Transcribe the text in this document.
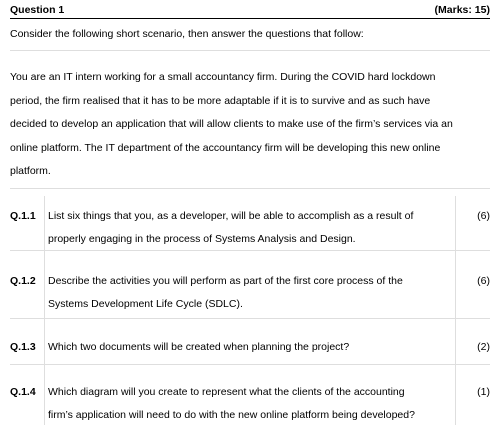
Question 1	(Marks: 15)
Consider the following short scenario, then answer the questions that follow:
You are an IT intern working for a small accountancy firm. During the COVID hard lockdown
period, the firm realised that it has to be more adaptable if it is to survive and as such have
decided to develop an application that will allow clients to make use of the firm’s services via an
online platform. The IT department of the accountancy firm will be developing this new online
platform.
Q.1.1 List six things that you, as a developer, will be able to accomplish as a result of
properly engaging in the process of Systems Analysis and Design.
(6)
Q.1.2 Describe the activities you will perform as part of the first core process of the
Systems Development Life Cycle (SDLC).
(6)
Q.1.3 Which two documents will be created when planning the project?	(2)
Q.1.4 Which diagram will you create to represent what the clients of the accounting
firm’s application will need to do with the new online platform being developed?
(1)
